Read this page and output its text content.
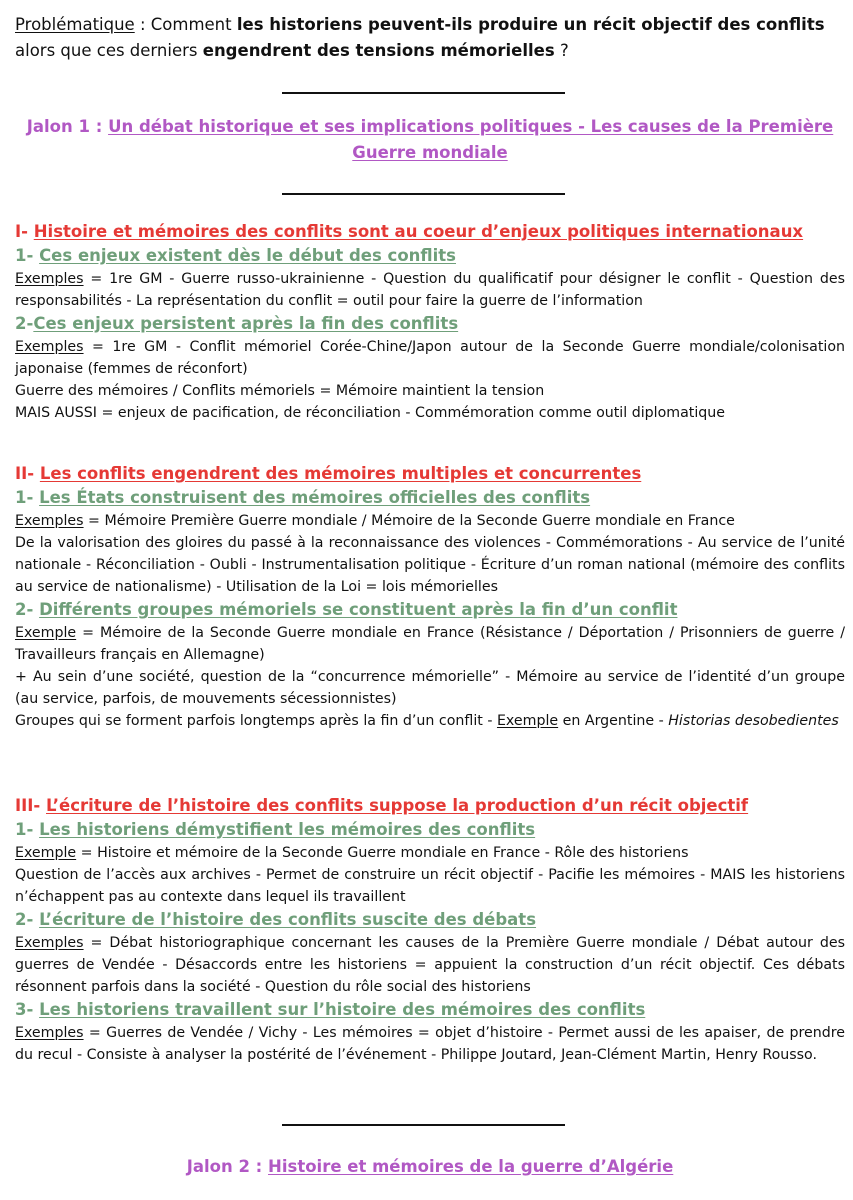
Problématique : Comment les historiens peuvent-ils produire un récit objectif des conflits alors que ces derniers engendrent des tensions mémorielles ?
Jalon 1 : Un débat historique et ses implications politiques - Les causes de la Première Guerre mondiale
I- Histoire et mémoires des conflits sont au coeur d’enjeux politiques internationaux
1- Ces enjeux existent dès le début des conflits

Exemples = 1re GM - Guerre russo-ukrainienne - Question du qualificatif pour désigner le conflit - Question des responsabilités - La représentation du conflit = outil pour faire la guerre de l’information

2-Ces enjeux persistent après la fin des conflits

Exemples = 1re GM - Conflit mémoriel Corée-Chine/Japon autour de la Seconde Guerre mondiale/colonisation japonaise (femmes de réconfort)

Guerre des mémoires / Conflits mémoriels = Mémoire maintient la tension

MAIS AUSSI = enjeux de pacification, de réconciliation - Commémoration comme outil diplomatique

II- Les conflits engendrent des mémoires multiples et concurrentes
1- Les États construisent des mémoires officielles des conflits

Exemples = Mémoire Première Guerre mondiale / Mémoire de la Seconde Guerre mondiale en France

De la valorisation des gloires du passé à la reconnaissance des violences - Commémorations - Au service de l’unité nationale - Réconciliation - Oubli - Instrumentalisation politique - Écriture d’un roman national (mémoire des conflits au service de nationalisme) - Utilisation de la Loi = lois mémorielles

2- Différents groupes mémoriels se constituent après la fin d’un conflit

Exemple = Mémoire de la Seconde Guerre mondiale en France (Résistance / Déportation / Prisonniers de guerre / Travailleurs français en Allemagne)

+ Au sein d’une société, question de la “concurrence mémorielle” - Mémoire au service de l’identité d’un groupe (au service, parfois, de mouvements sécessionnistes)

Groupes qui se forment parfois longtemps après la fin d’un conflit - Exemple en Argentine - Historias desobedientes

III- L’écriture de l’histoire des conflits suppose la production d’un récit objectif
1- Les historiens démystifient les mémoires des conflits

Exemple = Histoire et mémoire de la Seconde Guerre mondiale en France - Rôle des historiens

Question de l’accès aux archives - Permet de construire un récit objectif - Pacifie les mémoires - MAIS les historiens n’échappent pas au contexte dans lequel ils travaillent

2- L’écriture de l’histoire des conflits suscite des débats

Exemples = Débat historiographique concernant les causes de la Première Guerre mondiale / Débat autour des guerres de Vendée - Désaccords entre les historiens = appuient la construction d’un récit objectif. Ces débats résonnent parfois dans la société - Question du rôle social des historiens

3- Les historiens travaillent sur l’histoire des mémoires des conflits

Exemples = Guerres de Vendée / Vichy - Les mémoires = objet d’histoire - Permet aussi de les apaiser, de prendre du recul - Consiste à analyser la postérité de l’événement - Philippe Joutard, Jean-Clément Martin, Henry Rousso.

Jalon 2 : Histoire et mémoires de la guerre d’Algérie
